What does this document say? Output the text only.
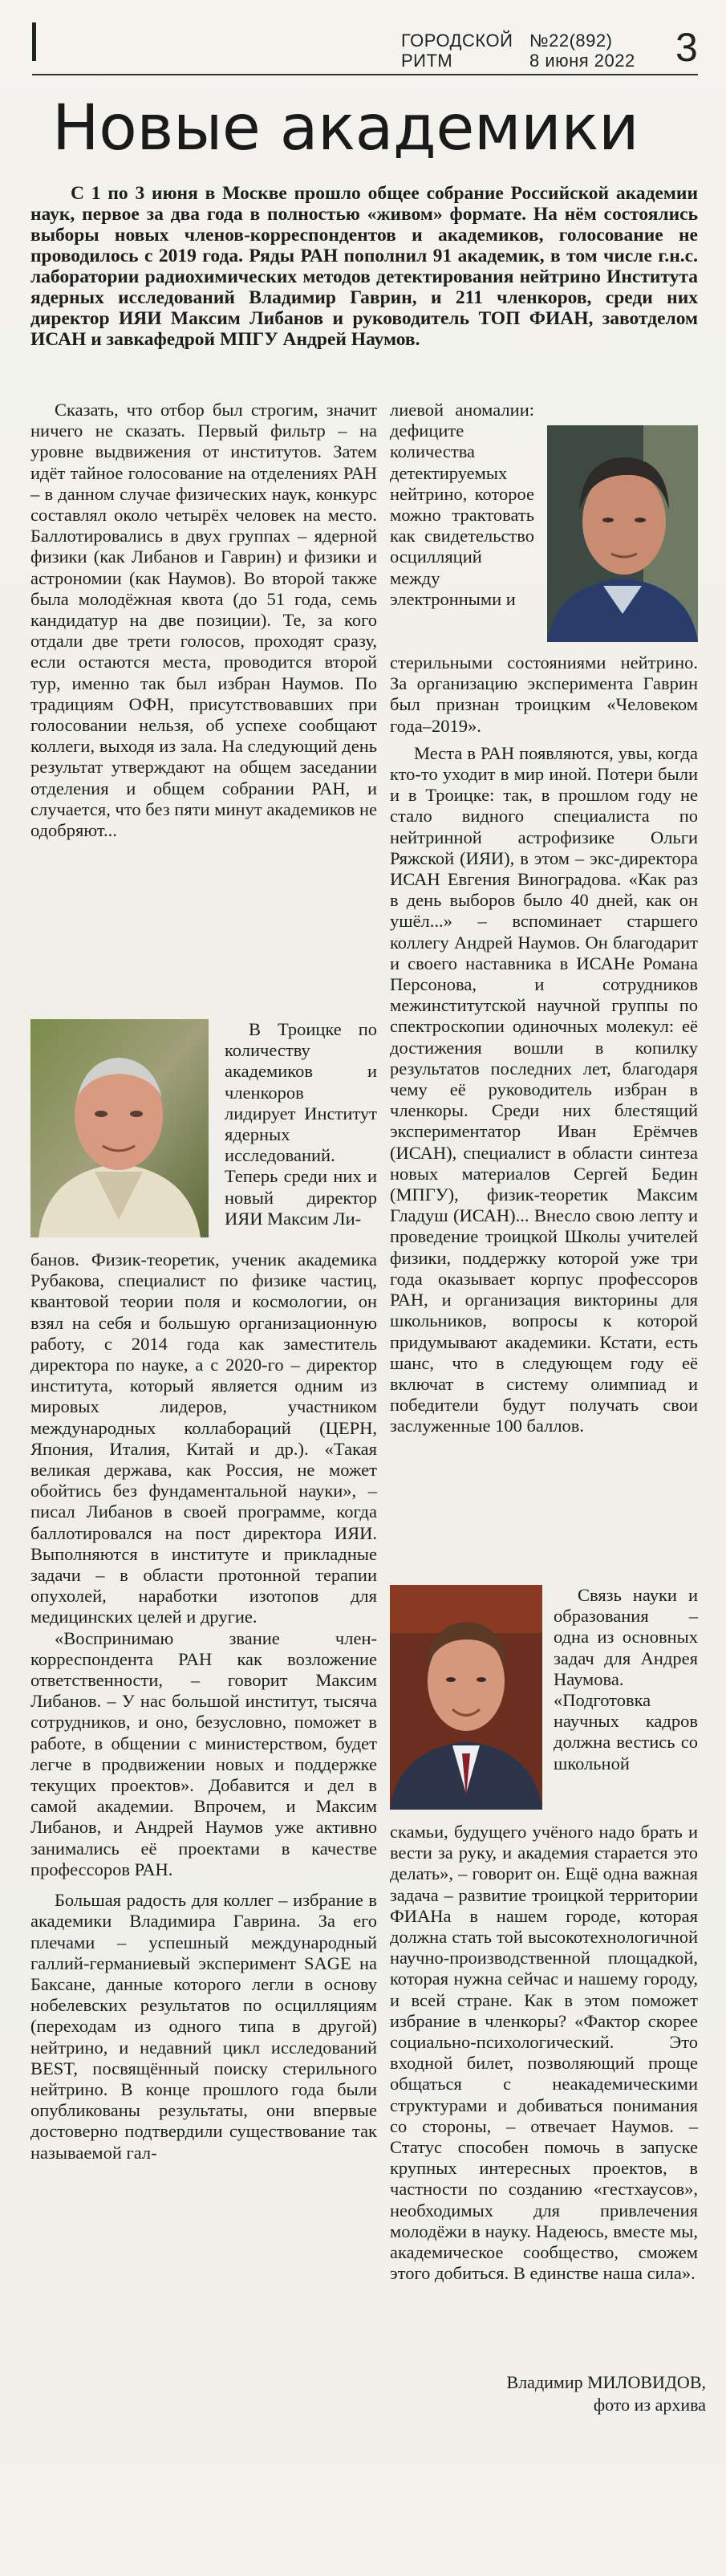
ГОРОДСКОЙ
РИТМ
№22(892)
8 июня 2022 3
Новые академики

С 1 по 3 июня в Москве прошло общее собрание Российской академии наук, первое за два года в полностью «живом» формате. На нём состоялись выборы новых членов-корреспондентов и академиков, голосование не проводилось с 2019 года. Ряды РАН пополнил 91 академик, в том числе г.н.с. лаборатории радиохимических методов детектирования нейтрино Института ядерных исследований Владимир Гаврин, и 211 членкоров, среди них директор ИЯИ Максим Либанов и руководитель ТОП ФИАН, завотделом ИСАН и завкафедрой МПГУ Андрей Наумов.

Сказать, что отбор был строгим, значит ничего не сказать. Первый фильтр – на уровне выдвижения от институтов. Затем идёт тайное голосование на отделениях РАН – в данном случае физических наук, конкурс составлял около четырёх человек на место. Баллотировались в двух группах – ядерной физики (как Либанов и Гаврин) и физики и астрономии (как Наумов). Во второй также была молодёжная квота (до 51 года, семь кандидатур на две позиции). Те, за кого отдали две трети голосов, проходят сразу, если остаются места, проводится второй тур, именно так был избран Наумов. По традициям ОФН, присутствовавших при голосовании нельзя, об успехе сообщают коллеги, выходя из зала. На следующий день результат утверждают на общем заседании отделения и общем собрании РАН, и случается, что без пяти минут академиков не одобряют...

В Троицке по количеству академиков и членкоров лидирует Институт ядерных исследований. Теперь среди них и новый директор ИЯИ Максим Ли-

банов. Физик-теоретик, ученик академика Рубакова, специалист по физике частиц, квантовой теории поля и космологии, он взял на себя и большую организационную работу, с 2014 года как заместитель директора по науке, а с 2020-го – директор института, который является одним из мировых лидеров, участником международных коллабораций (ЦЕРН, Япония, Италия, Китай и др.). «Такая великая держава, как Россия, не может обойтись без фундаментальной науки», – писал Либанов в своей программе, когда баллотировался на пост директора ИЯИ. Выполняются в институте и прикладные задачи – в области протонной терапии опухолей, наработки изотопов для медицинских целей и другие.

«Воспринимаю звание член-корреспондента РАН как возложение ответственности, – говорит Максим Либанов. – У нас большой институт, тысяча сотрудников, и оно, безусловно, поможет в работе, в общении с министерством, будет легче в продвижении новых и поддержке текущих проектов». Добавится и дел в самой академии. Впрочем, и Максим Либанов, и Андрей Наумов уже активно занимались её проектами в качестве профессоров РАН.

Большая радость для коллег – избрание в академики Владимира Гаврина. За его плечами – успешный международный галлий-германиевый эксперимент SAGE на Баксане, данные которого легли в основу нобелевских результатов по осцилляциям (переходам из одного типа в другой) нейтрино, и недавний цикл исследований BEST, посвящённый поиску стерильного нейтрино. В конце прошлого года были опубликованы результаты, они впервые достоверно подтвердили существование так называемой гал-

лиевой аномалии: дефиците количества детектируемых нейтрино, которое можно трактовать как свидетельство осцилляций между электронными и

стерильными состояниями нейтрино. За организацию эксперимента Гаврин был признан троицким «Человеком года–2019».

Места в РАН появляются, увы, когда кто-то уходит в мир иной. Потери были и в Троицке: так, в прошлом году не стало видного специалиста по нейтринной астрофизике Ольги Ряжской (ИЯИ), в этом – экс-директора ИСАН Евгения Виноградова. «Как раз в день выборов было 40 дней, как он ушёл...» – вспоминает старшего коллегу Андрей Наумов. Он благодарит и своего наставника в ИСАНе Романа Персонова, и сотрудников межинститутской научной группы по спектроскопии одиночных молекул: её достижения вошли в копилку результатов последних лет, благодаря чему её руководитель избран в членкоры. Среди них блестящий экспериментатор Иван Ерёмчев (ИСАН), специалист в области синтеза новых материалов Сергей Бедин (МПГУ), физик-теоретик Максим Гладуш (ИСАН)... Внесло свою лепту и проведение троицкой Школы учителей физики, поддержку которой уже три года оказывает корпус профессоров РАН, и организация викторины для школьников, вопросы к которой придумывают академики. Кстати, есть шанс, что в следующем году её включат в систему олимпиад и победители будут получать свои заслуженные 100 баллов.

Связь науки и образования – одна из основных задач для Андрея Наумова. «Подготовка научных кадров должна вестись со школьной

скамьи, будущего учёного надо брать и вести за руку, и академия старается это делать», – говорит он. Ещё одна важная задача – развитие троицкой территории ФИАНа в нашем городе, которая должна стать той высокотехнологичной научно-производственной площадкой, которая нужна сейчас и нашему городу, и всей стране. Как в этом поможет избрание в членкоры? «Фактор скорее социально-психологический. Это входной билет, позволяющий проще общаться с неакадемическими структурами и добиваться понимания со стороны, – отвечает Наумов. – Статус способен помочь в запуске крупных интересных проектов, в частности по созданию «гестхаусов», необходимых для привлечения молодёжи в науку. Надеюсь, вместе мы, академическое сообщество, сможем этого добиться. В единстве наша сила».

Владимир МИЛОВИДОВ,
фото из архива
